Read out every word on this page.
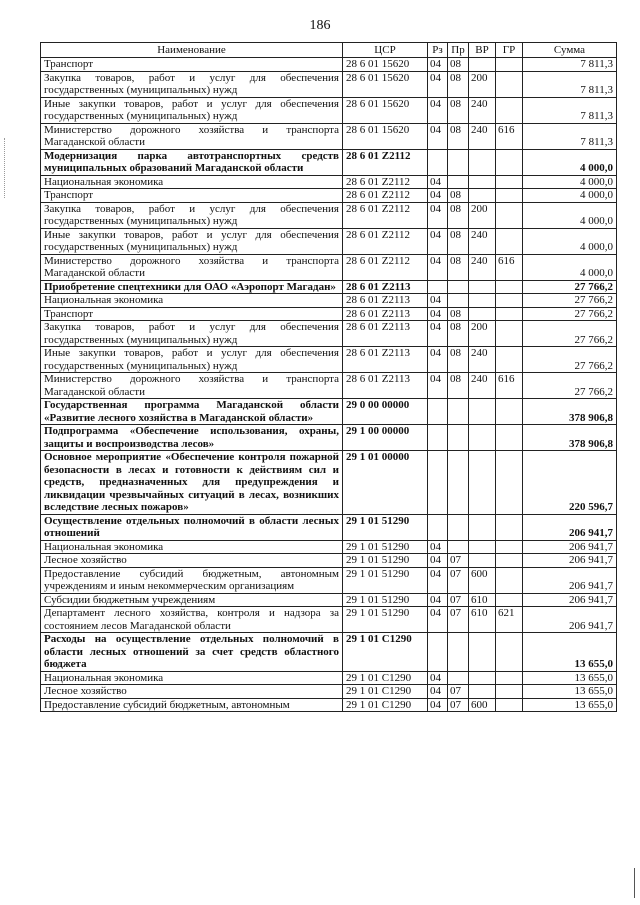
186
Наименование	ЦСР	Рз	Пр	ВР	ГР	Сумма
Транспорт	28 6 01 15620	04	08			7 811,3
Закупка товаров, работ и услуг для обеспечения государственных (муниципальных) нужд	28 6 01 15620	04	08	200		7 811,3
Иные закупки товаров, работ и услуг для обеспечения государственных (муниципальных) нужд	28 6 01 15620	04	08	240		7 811,3
Министерство дорожного хозяйства и транспорта Магаданской области	28 6 01 15620	04	08	240	616	7 811,3
Модернизация парка автотранспортных средств муниципальных образований Магаданской области	28 6 01 Z2112					4 000,0
Национальная экономика	28 6 01 Z2112	04				4 000,0
Транспорт	28 6 01 Z2112	04	08			4 000,0
Закупка товаров, работ и услуг для обеспечения государственных (муниципальных) нужд	28 6 01 Z2112	04	08	200		4 000,0
Иные закупки товаров, работ и услуг для обеспечения государственных (муниципальных) нужд	28 6 01 Z2112	04	08	240		4 000,0
Министерство дорожного хозяйства и транспорта Магаданской области	28 6 01 Z2112	04	08	240	616	4 000,0
Приобретение спецтехники для ОАО «Аэропорт Магадан»	28 6 01 Z2113					27 766,2
Национальная экономика	28 6 01 Z2113	04				27 766,2
Транспорт	28 6 01 Z2113	04	08			27 766,2
Закупка товаров, работ и услуг для обеспечения государственных (муниципальных) нужд	28 6 01 Z2113	04	08	200		27 766,2
Иные закупки товаров, работ и услуг для обеспечения государственных (муниципальных) нужд	28 6 01 Z2113	04	08	240		27 766,2
Министерство дорожного хозяйства и транспорта Магаданской области	28 6 01 Z2113	04	08	240	616	27 766,2
Государственная программа Магаданской области «Развитие лесного хозяйства в Магаданской области»	29 0 00 00000					378 906,8
Подпрограмма «Обеспечение использования, охраны, защиты и воспроизводства лесов»	29 1 00 00000					378 906,8
Основное мероприятие «Обеспечение контроля пожарной безопасности в лесах и готовности к действиям сил и средств, предназначенных для предупреждения и ликвидации чрезвычайных ситуаций в лесах, возникших вследствие лесных пожаров»	29 1 01 00000					220 596,7
Осуществление отдельных полномочий в области лесных отношений	29 1 01 51290					206 941,7
Национальная экономика	29 1 01 51290	04				206 941,7
Лесное хозяйство	29 1 01 51290	04	07			206 941,7
Предоставление субсидий бюджетным, автономным учреждениям и иным некоммерческим организациям	29 1 01 51290	04	07	600		206 941,7
Субсидии бюджетным учреждениям	29 1 01 51290	04	07	610		206 941,7
Департамент лесного хозяйства, контроля и надзора за состоянием лесов Магаданской области	29 1 01 51290	04	07	610	621	206 941,7
Расходы на осуществление отдельных полномочий в области лесных отношений за счет средств областного бюджета	29 1 01 С1290					13 655,0
Национальная экономика	29 1 01 С1290	04				13 655,0
Лесное хозяйство	29 1 01 С1290	04	07			13 655,0
Предоставление субсидий бюджетным, автономным	29 1 01 С1290	04	07	600		13 655,0
